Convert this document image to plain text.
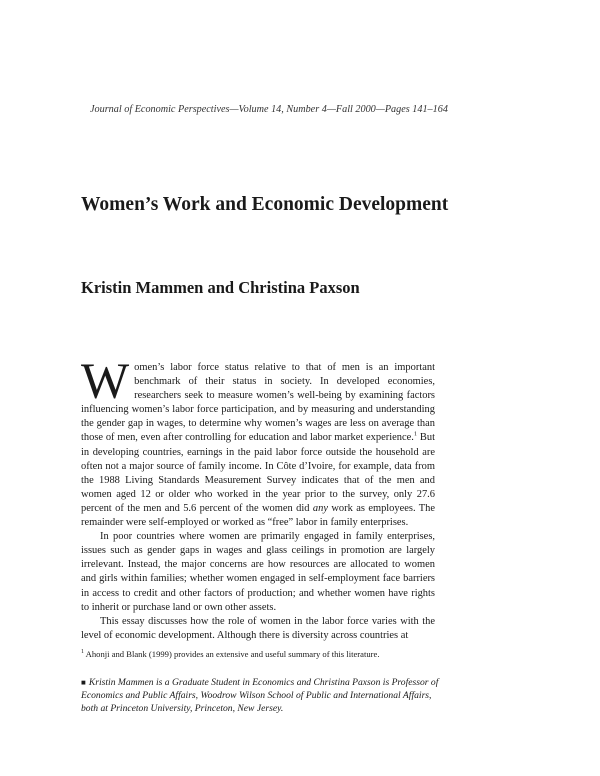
Journal of Economic Perspectives—Volume 14, Number 4—Fall 2000—Pages 141–164
Women’s Work and Economic Development
Kristin Mammen and Christina Paxson

Women’s labor force status relative to that of men is an important benchmark of their status in society. In developed economies, researchers seek to measure women’s well-being by examining factors influencing women’s labor force participation, and by measuring and understanding the gender gap in wages, to determine why women’s wages are less on average than those of men, even after controlling for education and labor market experience.$^1$ But in developing countries, earnings in the paid labor force outside the household are often not a major source of family income. In Côte d’Ivoire, for example, data from the 1988 Living Standards Measurement Survey indicates that of the men and women aged 12 or older who worked in the year prior to the survey, only 27.6 percent of the men and 5.6 percent of the women did any work as employees. The remainder were self-employed or worked as “free” labor in family enterprises.

In poor countries where women are primarily engaged in family enterprises, issues such as gender gaps in wages and glass ceilings in promotion are largely irrelevant. Instead, the major concerns are how resources are allocated to women and girls within families; whether women engaged in self-employment face barriers in access to credit and other factors of production; and whether women have rights to inherit or purchase land or own other assets.

This essay discusses how the role of women in the labor force varies with the level of economic development. Although there is diversity across countries at

$^1$ Ahonji and Blank (1999) provides an extensive and useful summary of this literature.
■ Kristin Mammen is a Graduate Student in Economics and Christina Paxson is Professor of Economics and Public Affairs, Woodrow Wilson School of Public and International Affairs, both at Princeton University, Princeton, New Jersey.
